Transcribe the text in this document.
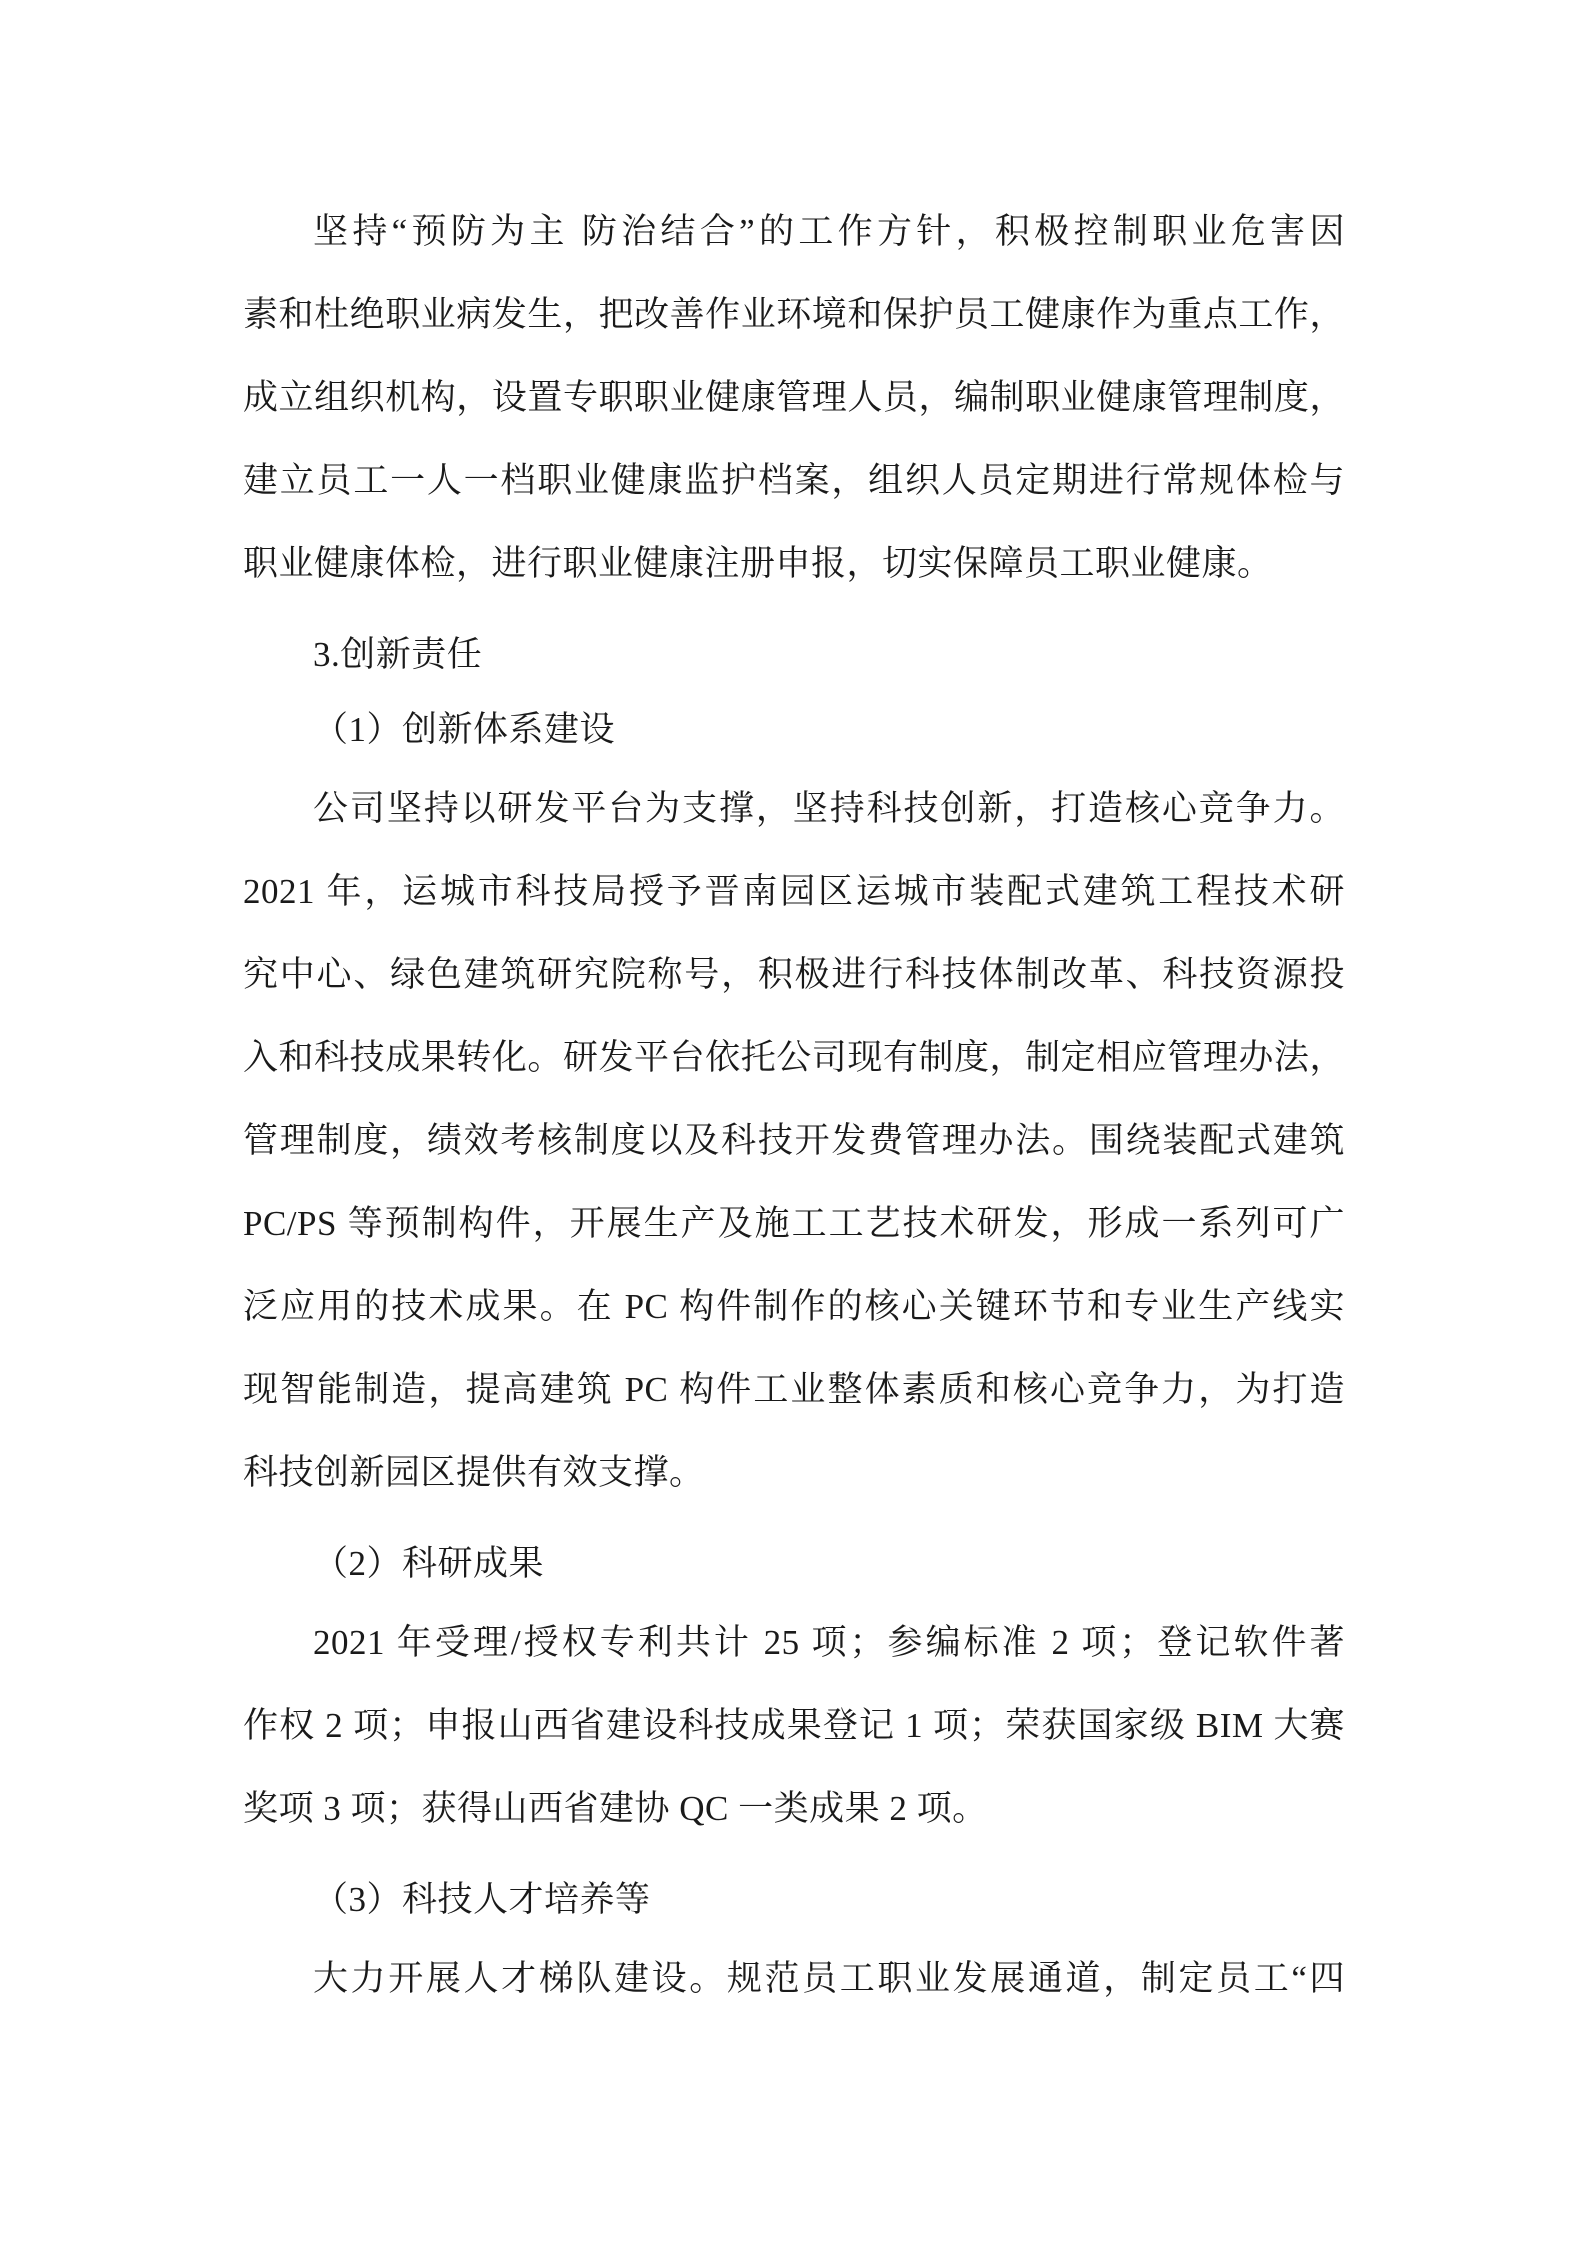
坚持“预防为主 防治结合”的工作方针，积极控制职业危害因
素和杜绝职业病发生，把改善作业环境和保护员工健康作为重点工作，
成立组织机构，设置专职职业健康管理人员，编制职业健康管理制度，
建立员工一人一档职业健康监护档案，组织人员定期进行常规体检与
职业健康体检，进行职业健康注册申报，切实保障员工职业健康。
3.创新责任
（1）创新体系建设
公司坚持以研发平台为支撑，坚持科技创新，打造核心竞争力。
2021 年，运城市科技局授予晋南园区运城市装配式建筑工程技术研
究中心、绿色建筑研究院称号，积极进行科技体制改革、科技资源投
入和科技成果转化。研发平台依托公司现有制度，制定相应管理办法，
管理制度，绩效考核制度以及科技开发费管理办法。围绕装配式建筑
PC/PS 等预制构件，开展生产及施工工艺技术研发，形成一系列可广
泛应用的技术成果。在 PC 构件制作的核心关键环节和专业生产线实
现智能制造，提高建筑 PC 构件工业整体素质和核心竞争力，为打造
科技创新园区提供有效支撑。
（2）科研成果
2021 年受理/授权专利共计 25 项；参编标准 2 项；登记软件著
作权 2 项；申报山西省建设科技成果登记 1 项；荣获国家级 BIM 大赛
奖项 3 项；获得山西省建协 QC 一类成果 2 项。
（3）科技人才培养等
大力开展人才梯队建设。规范员工职业发展通道，制定员工“四
